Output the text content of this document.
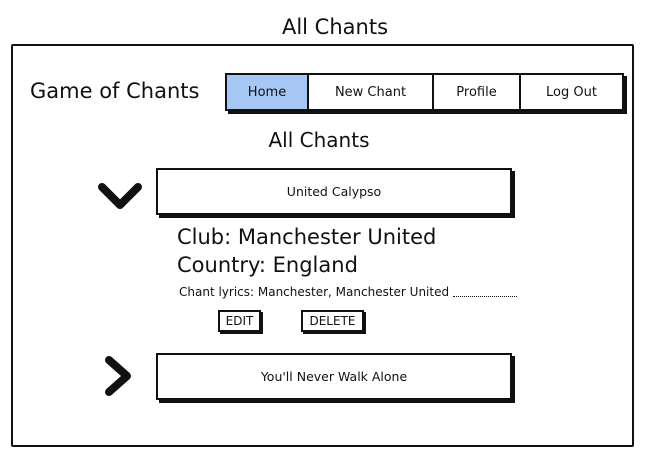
All Chants
Game of Chants	Home	New Chant	Profile	Log Out
All Chants
United Calypso
Club: Manchester United
Country: England
Chant lyrics: Manchester, Manchester United
EDIT	DELETE
You'll Never Walk Alone
